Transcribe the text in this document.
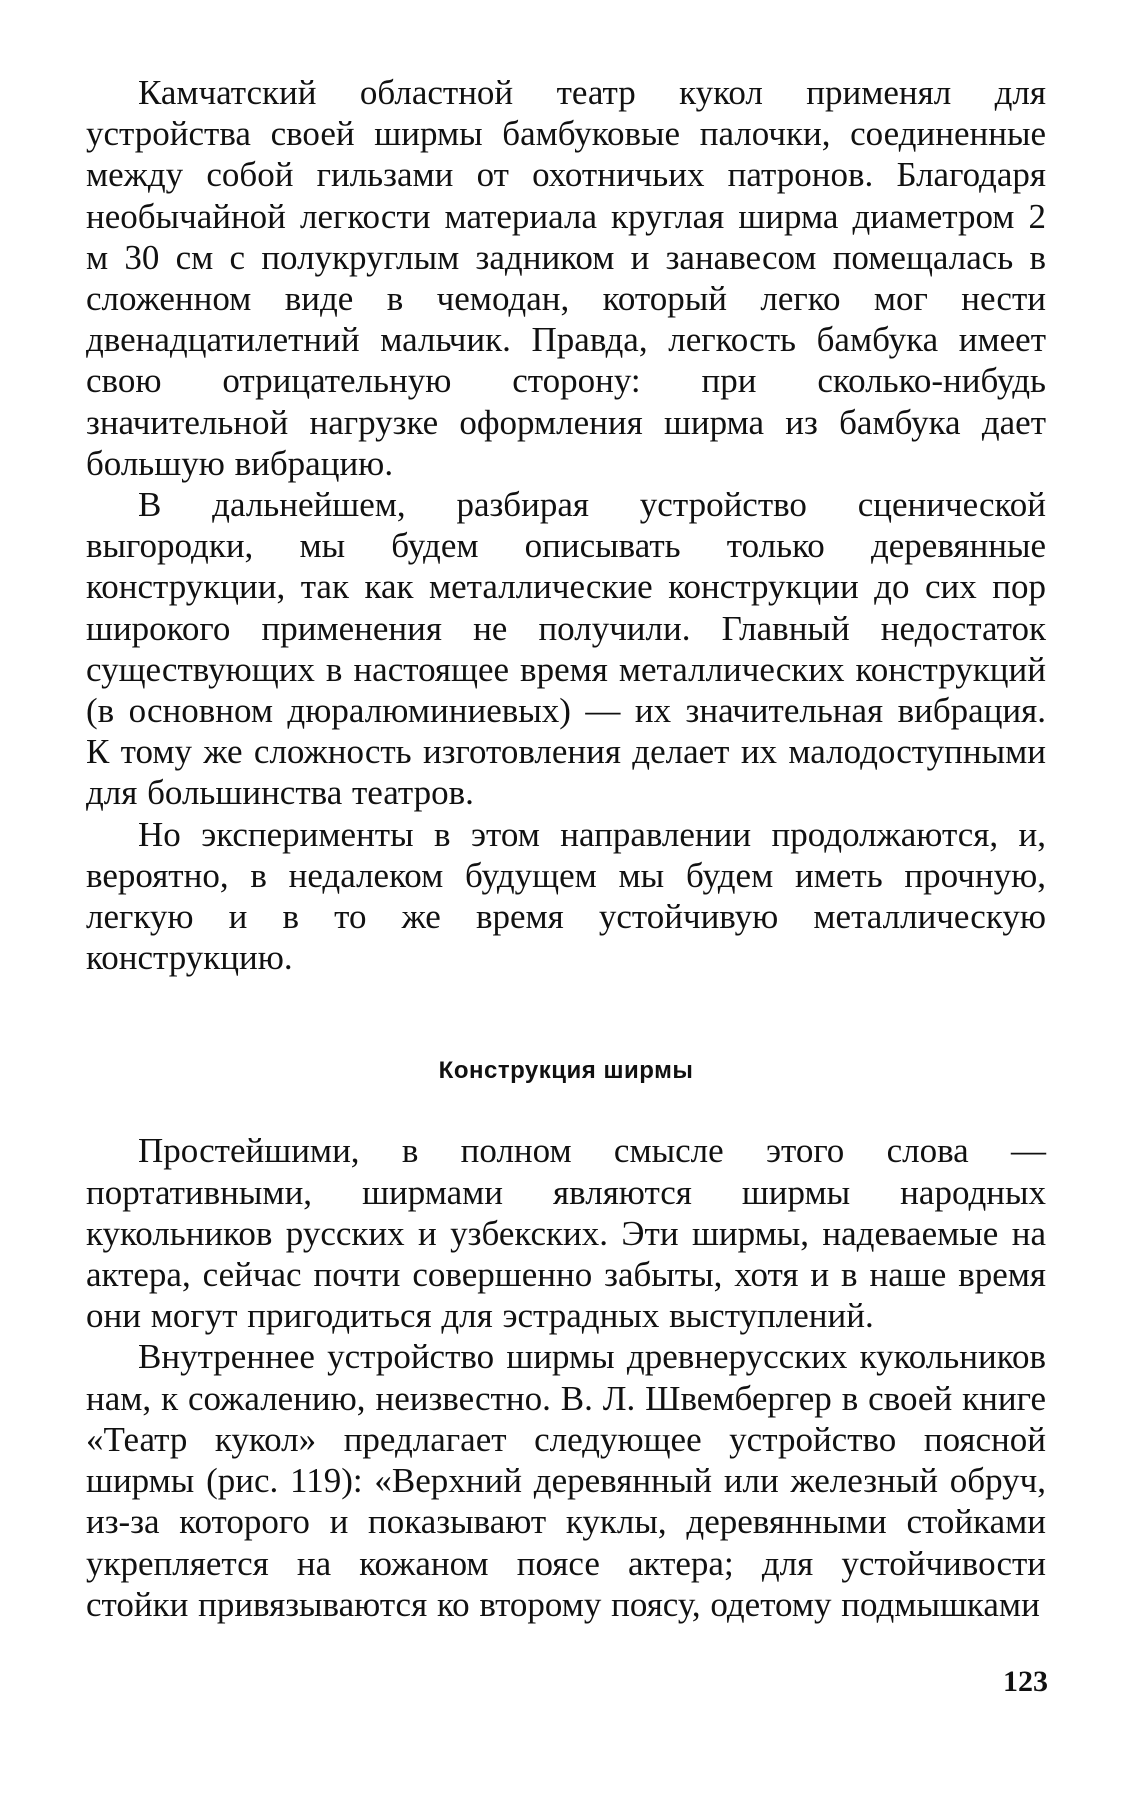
Камчатский областной театр кукол применял для устройства своей ширмы бамбуковые палочки, соединенные между собой гильзами от охотничьих патронов. Благодаря необычайной легкости материала круглая ширма диаметром 2 м 30 см с полукруглым задником и занавесом помещалась в сложенном виде в чемодан, который легко мог нести двенадцатилетний мальчик. Правда, легкость бамбука имеет свою отрицательную сторону: при сколько-нибудь значительной нагрузке оформления ширма из бамбука дает большую вибрацию.

В дальнейшем, разбирая устройство сценической выгородки, мы будем описывать только деревянные конструкции, так как металлические конструкции до сих пор широкого применения не получили. Главный недостаток существующих в настоящее время металлических конструкций (в основном дюралюминиевых) — их значительная вибрация. К тому же сложность изготовления делает их малодоступными для большинства театров.

Но эксперименты в этом направлении продолжаются, и, вероятно, в недалеком будущем мы будем иметь прочную, легкую и в то же время устойчивую металлическую конструкцию.

Конструкция ширмы

Простейшими, в полном смысле этого слова — портативными, ширмами являются ширмы народных кукольников русских и узбекских. Эти ширмы, надеваемые на актера, сейчас почти совершенно забыты, хотя и в наше время они могут пригодиться для эстрадных выступлений.

Внутреннее устройство ширмы древнерусских кукольников нам, к сожалению, неизвестно. В. Л. Швембергер в своей книге «Театр кукол» предлагает следующее устройство поясной ширмы (рис. 119): «Верхний деревянный или железный обруч, из-за которого и показывают куклы, деревянными стойками укрепляется на кожаном поясе актера; для устойчивости стойки привязываются ко второму поясу, одетому подмышками

123
